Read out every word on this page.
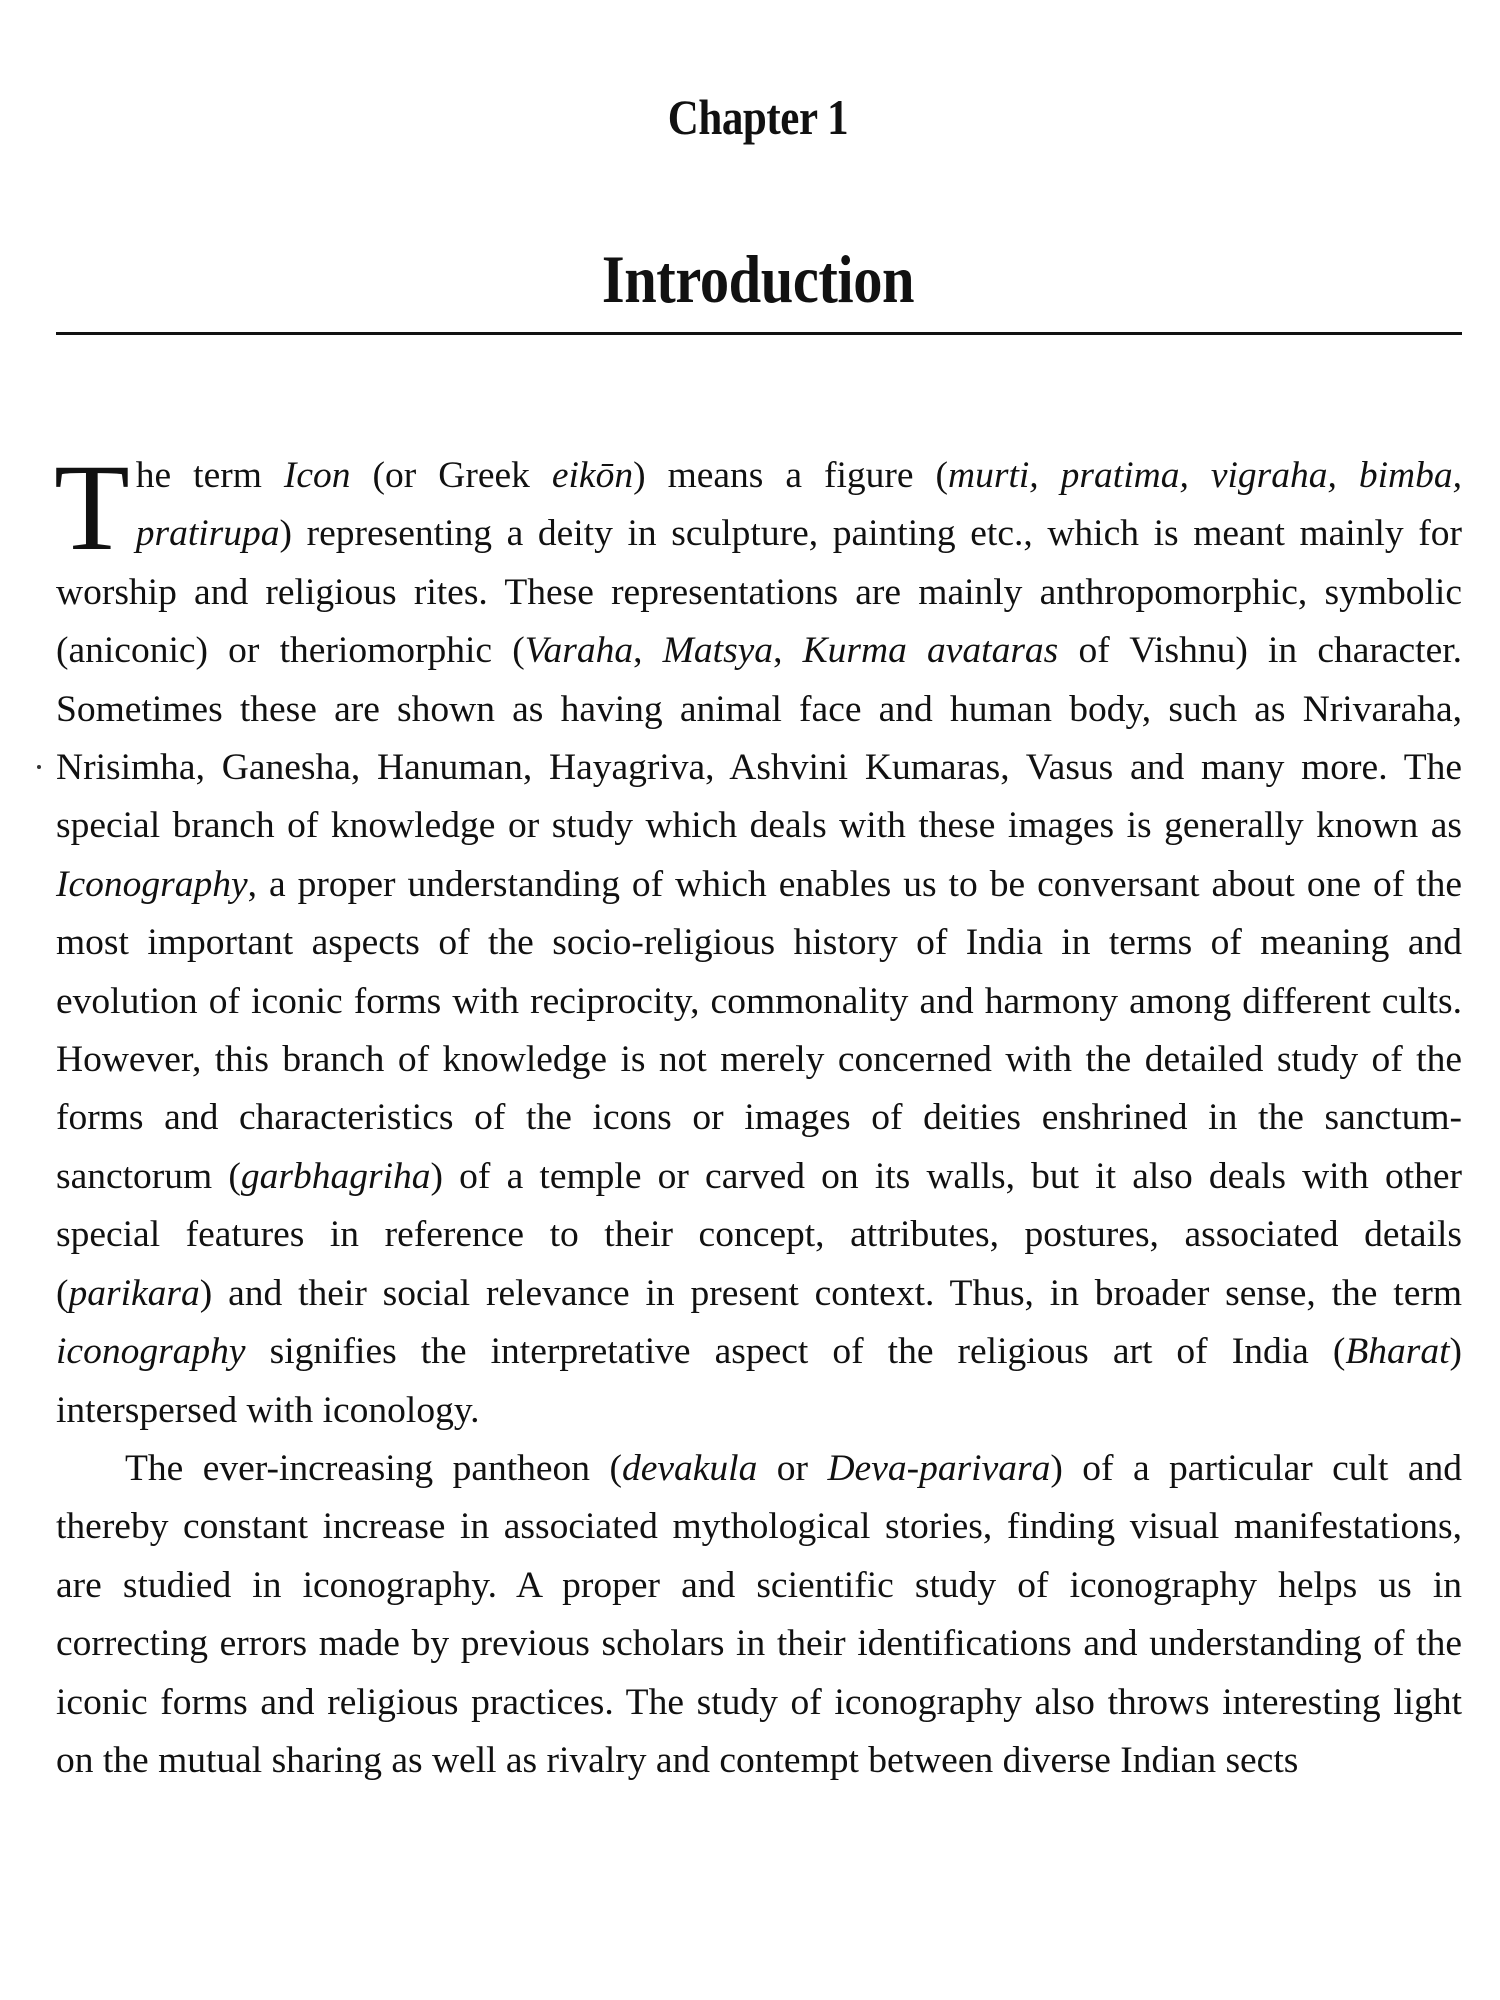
Chapter 1
Introduction

The term Icon (or Greek eikōn) means a figure (murti, pratima, vigraha, bimba, pratirupa) representing a deity in sculpture, painting etc., which is meant mainly for worship and religious rites. These representations are mainly anthropomorphic, symbolic (aniconic) or theriomorphic (Varaha, Matsya, Kurma avataras of Vishnu) in character. Sometimes these are shown as having animal face and human body, such as Nrivaraha, Nrisimha, Ganesha, Hanuman, Hayagriva, Ashvini Kumaras, Vasus and many more. The special branch of knowledge or study which deals with these images is generally known as Iconography, a proper understanding of which enables us to be conversant about one of the most important aspects of the socio-religious history of India in terms of meaning and evolution of iconic forms with reciprocity, commonality and harmony among different cults. However, this branch of knowledge is not merely concerned with the detailed study of the forms and characteristics of the icons or images of deities enshrined in the sanctum-sanctorum (garbhagriha) of a temple or carved on its walls, but it also deals with other special features in reference to their concept, attributes, postures, associated details (parikara) and their social relevance in present context. Thus, in broader sense, the term iconography signifies the interpretative aspect of the religious art of India (Bharat) interspersed with iconology.

The ever-increasing pantheon (devakula or Deva-parivara) of a particular cult and thereby constant increase in associated mythological stories, finding visual manifestations, are studied in iconography. A proper and scientific study of iconography helps us in correcting errors made by previous scholars in their identifications and understanding of the iconic forms and religious practices. The study of iconography also throws interesting light on the mutual sharing as well as rivalry and contempt between diverse Indian sects
